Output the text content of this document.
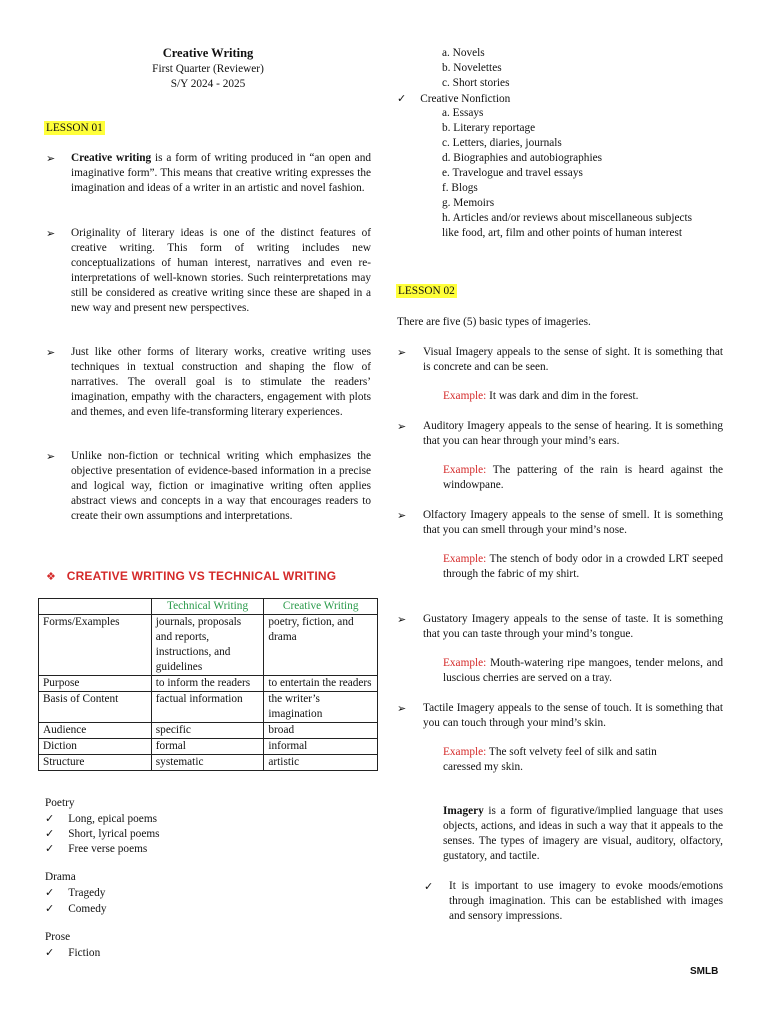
Creative Writing
First Quarter (Reviewer)
S/Y 2024 - 2025
LESSON 01
➢ Creative writing is a form of writing produced in “an open and imaginative form”. This means that creative writing expresses the imagination and ideas of a writer in an artistic and novel fashion.
➢ Originality of literary ideas is one of the distinct features of creative writing. This form of writing includes new conceptualizations of human interest, narratives and even re-interpretations of well-known stories. Such reinterpretations may still be considered as creative writing since these are shaped in a new way and present new perspectives.
➢ Just like other forms of literary works, creative writing uses techniques in textual construction and shaping the flow of narratives. The overall goal is to stimulate the readers’ imagination, empathy with the characters, engagement with plots and themes, and even life-transforming literary experiences.
➢ Unlike non-fiction or technical writing which emphasizes the objective presentation of evidence-based information in a precise and logical way, fiction or imaginative writing often applies abstract views and concepts in a way that encourages readers to create their own assumptions and interpretations.
❖ CREATIVE WRITING VS TECHNICAL WRITING
	Technical Writing	Creative Writing
Forms/Examples	journals, proposals and reports, instructions, and guidelines	poetry, fiction, and drama
Purpose	to inform the readers	to entertain the readers
Basis of Content	factual information	the writer’s imagination
Audience	specific	broad
Diction	formal	informal
Structure	systematic	artistic
Poetry
✓ Long, epical poems
✓ Short, lyrical poems
✓ Free verse poems
Drama
✓ Tragedy
✓ Comedy
Prose
✓ Fiction
a. Novels
b. Novelettes
c. Short stories
✓ Creative Nonfiction
a. Essays
b. Literary reportage
c. Letters, diaries, journals
d. Biographies and autobiographies
e. Travelogue and travel essays
f. Blogs
g. Memoirs
h. Articles and/or reviews about miscellaneous subjects
like food, art, film and other points of human interest
LESSON 02
There are five (5) basic types of imageries.
➢ Visual Imagery appeals to the sense of sight. It is something that is concrete and can be seen.
Example: It was dark and dim in the forest.
➢ Auditory Imagery appeals to the sense of hearing. It is something that you can hear through your mind’s ears.
Example: The pattering of the rain is heard against the windowpane.
➢ Olfactory Imagery appeals to the sense of smell. It is something that you can smell through your mind’s nose.
Example: The stench of body odor in a crowded LRT seeped through the fabric of my shirt.
➢ Gustatory Imagery appeals to the sense of taste. It is something that you can taste through your mind’s tongue.
Example: Mouth-watering ripe mangoes, tender melons, and luscious cherries are served on a tray.
➢ Tactile Imagery appeals to the sense of touch. It is something that you can touch through your mind’s skin.
Example: The soft velvety feel of silk and satin caressed my skin.
Imagery is a form of figurative/implied language that uses objects, actions, and ideas in such a way that it appeals to the senses. The types of imagery are visual, auditory, olfactory, gustatory, and tactile.
✓ It is important to use imagery to evoke moods/emotions through imagination. This can be established with images and sensory impressions.
SMLB
